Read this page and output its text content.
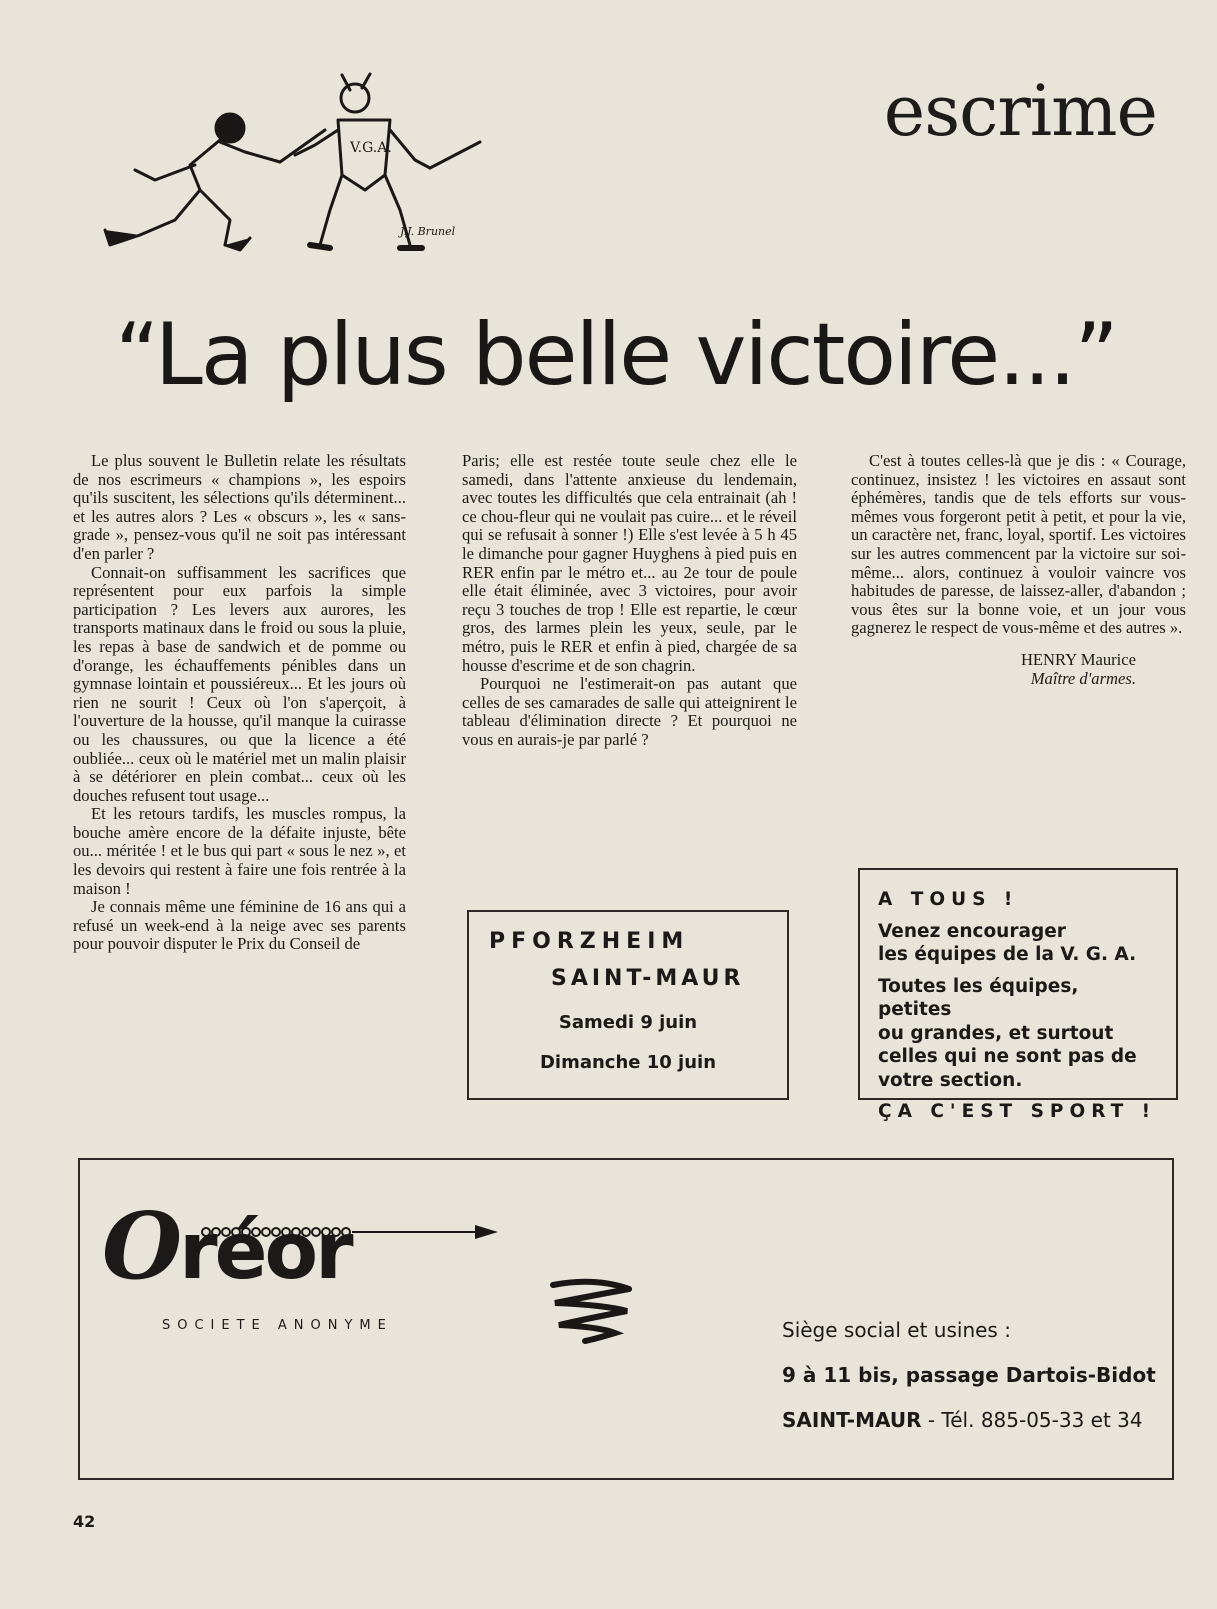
escrime
V.G.A.
J.J. Brunel
“La plus belle victoire...”

Le plus souvent le Bulletin relate les résultats de nos escrimeurs « champions », les espoirs qu'ils suscitent, les sélections qu'ils déterminent... et les autres alors ? Les « obscurs », les « sans-grade », pensez-vous qu'il ne soit pas intéressant d'en parler ?

Connait-on suffisamment les sacrifices que représentent pour eux parfois la simple participation ? Les levers aux aurores, les transports matinaux dans le froid ou sous la pluie, les repas à base de sandwich et de pomme ou d'orange, les échauffements pénibles dans un gymnase lointain et poussiéreux... Et les jours où rien ne sourit ! Ceux où l'on s'aperçoit, à l'ouverture de la housse, qu'il manque la cuirasse ou les chaussures, ou que la licence a été oubliée... ceux où le matériel met un malin plaisir à se détériorer en plein combat... ceux où les douches refusent tout usage...

Et les retours tardifs, les muscles rompus, la bouche amère encore de la défaite injuste, bête ou... méritée ! et le bus qui part « sous le nez », et les devoirs qui restent à faire une fois rentrée à la maison !

Je connais même une féminine de 16 ans qui a refusé un week-end à la neige avec ses parents pour pouvoir disputer le Prix du Conseil de

Paris; elle est restée toute seule chez elle le samedi, dans l'attente anxieuse du lendemain, avec toutes les difficultés que cela entrainait (ah ! ce chou-fleur qui ne voulait pas cuire... et le réveil qui se refusait à sonner !) Elle s'est levée à 5 h 45 le dimanche pour gagner Huyghens à pied puis en RER enfin par le métro et... au 2e tour de poule elle était éliminée, avec 3 victoires, pour avoir reçu 3 touches de trop ! Elle est repartie, le cœur gros, des larmes plein les yeux, seule, par le métro, puis le RER et enfin à pied, chargée de sa housse d'escrime et de son chagrin.

Pourquoi ne l'estimerait-on pas autant que celles de ses camarades de salle qui atteignirent le tableau d'élimination directe ? Et pourquoi ne vous en aurais-je par parlé ?

C'est à toutes celles-là que je dis : « Courage, continuez, insistez ! les victoires en assaut sont éphémères, tandis que de tels efforts sur vous-mêmes vous forgeront petit à petit, et pour la vie, un caractère net, franc, loyal, sportif. Les victoires sur les autres commencent par la victoire sur soi-même... alors, continuez à vouloir vaincre vos habitudes de paresse, de laissez-aller, d'abandon ; vous êtes sur la bonne voie, et un jour vous gagnerez le respect de vous-même et des autres ».

HENRY Maurice
Maître d'armes.
PFORZHEIM
SAINT-MAUR
Samedi 9 juin
Dimanche 10 juin
A TOUS !
Venez encourager
les équipes de la V. G. A.
Toutes les équipes, petites
ou grandes, et surtout
celles qui ne sont pas de
votre section.
ÇA C'EST SPORT !
Oréor
SOCIETE ANONYME	Siège social et usines :
9 à 11 bis, passage Dartois-Bidot
SAINT-MAUR - Tél. 885-05-33 et 34
42
